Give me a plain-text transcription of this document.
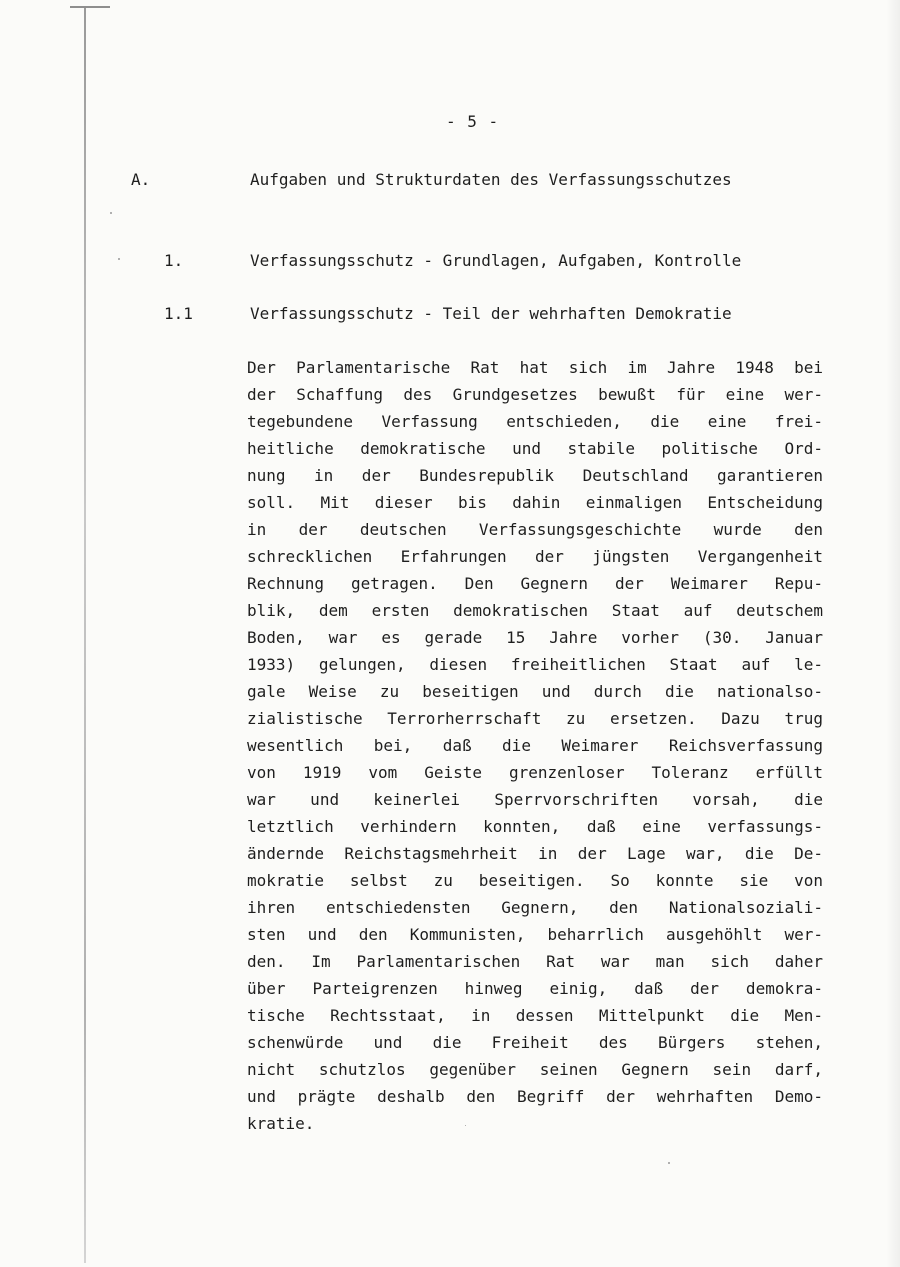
- 5 -
A.	Aufgaben und Strukturdaten des Verfassungsschutzes
1.	Verfassungsschutz - Grundlagen, Aufgaben, Kontrolle
1.1	Verfassungsschutz - Teil der wehrhaften Demokratie
Der Parlamentarische Rat hat sich im Jahre 1948 bei
der Schaffung des Grundgesetzes bewußt für eine wer-
tegebundene Verfassung entschieden, die eine frei-
heitliche demokratische und stabile politische Ord-
nung in der Bundesrepublik Deutschland garantieren
soll. Mit dieser bis dahin einmaligen Entscheidung
in der deutschen Verfassungsgeschichte wurde den
schrecklichen Erfahrungen der jüngsten Vergangenheit
Rechnung getragen. Den Gegnern der Weimarer Repu-
blik, dem ersten demokratischen Staat auf deutschem
Boden, war es gerade 15 Jahre vorher (30. Januar
1933) gelungen, diesen freiheitlichen Staat auf le-
gale Weise zu beseitigen und durch die nationalso-
zialistische Terrorherrschaft zu ersetzen. Dazu trug
wesentlich bei, daß die Weimarer Reichsverfassung
von 1919 vom Geiste grenzenloser Toleranz erfüllt
war und keinerlei Sperrvorschriften vorsah, die
letztlich verhindern konnten, daß eine verfassungs-
ändernde Reichstagsmehrheit in der Lage war, die De-
mokratie selbst zu beseitigen. So konnte sie von
ihren entschiedensten Gegnern, den Nationalsoziali-
sten und den Kommunisten, beharrlich ausgehöhlt wer-
den. Im Parlamentarischen Rat war man sich daher
über Parteigrenzen hinweg einig, daß der demokra-
tische Rechtsstaat, in dessen Mittelpunkt die Men-
schenwürde und die Freiheit des Bürgers stehen,
nicht schutzlos gegenüber seinen Gegnern sein darf,
und prägte deshalb den Begriff der wehrhaften Demo-
kratie.
